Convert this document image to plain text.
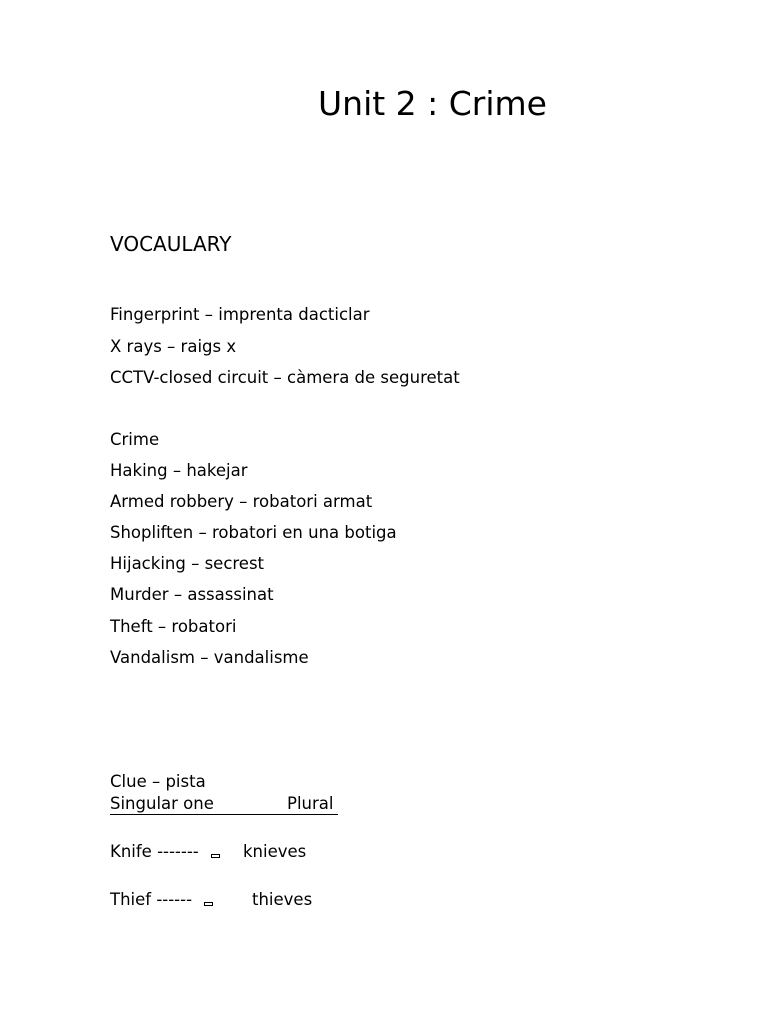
Unit 2 : Crime
VOCAULARY
Fingerprint – imprenta dacticlar
X rays – raigs x
CCTV-closed circuit – càmera de seguretat
Crime
Haking – hakejar
Armed robbery – robatori armat
Shopliften – robatori en una botiga
Hijacking – secrest
Murder – assassinat
Theft – robatori
Vandalism – vandalisme
Clue – pista
Singular one	Plural
Knife -------	knieves
Thief ------	thieves
